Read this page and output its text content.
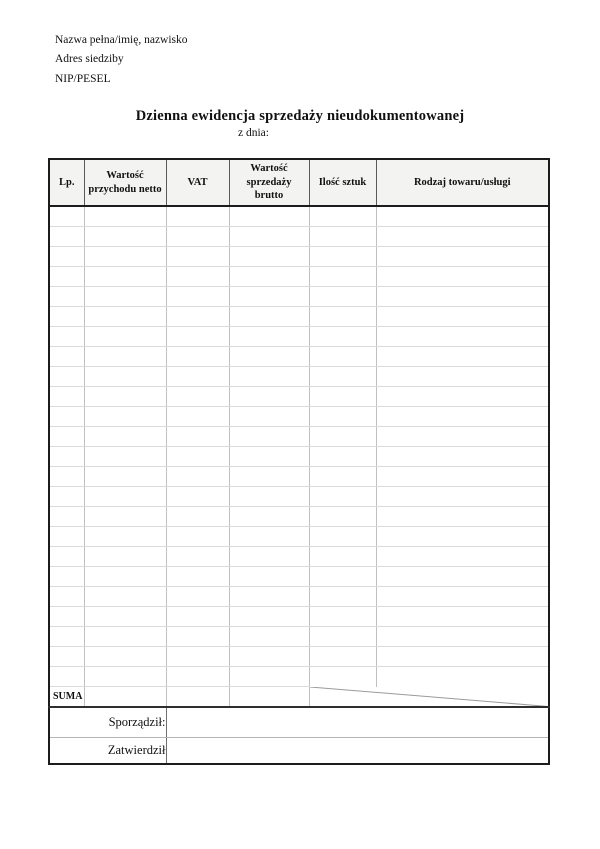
Nazwa pełna/imię, nazwisko
Adres siedziby
NIP/PESEL
Dzienna ewidencja sprzedaży nieudokumentowanej
z dnia:
Lp.	Wartość przychodu netto	VAT	Wartość sprzedaży brutto	Ilość sztuk	Rodzaj towaru/usługi

SUMA				

Sporządził:					
Zatwierdził					
